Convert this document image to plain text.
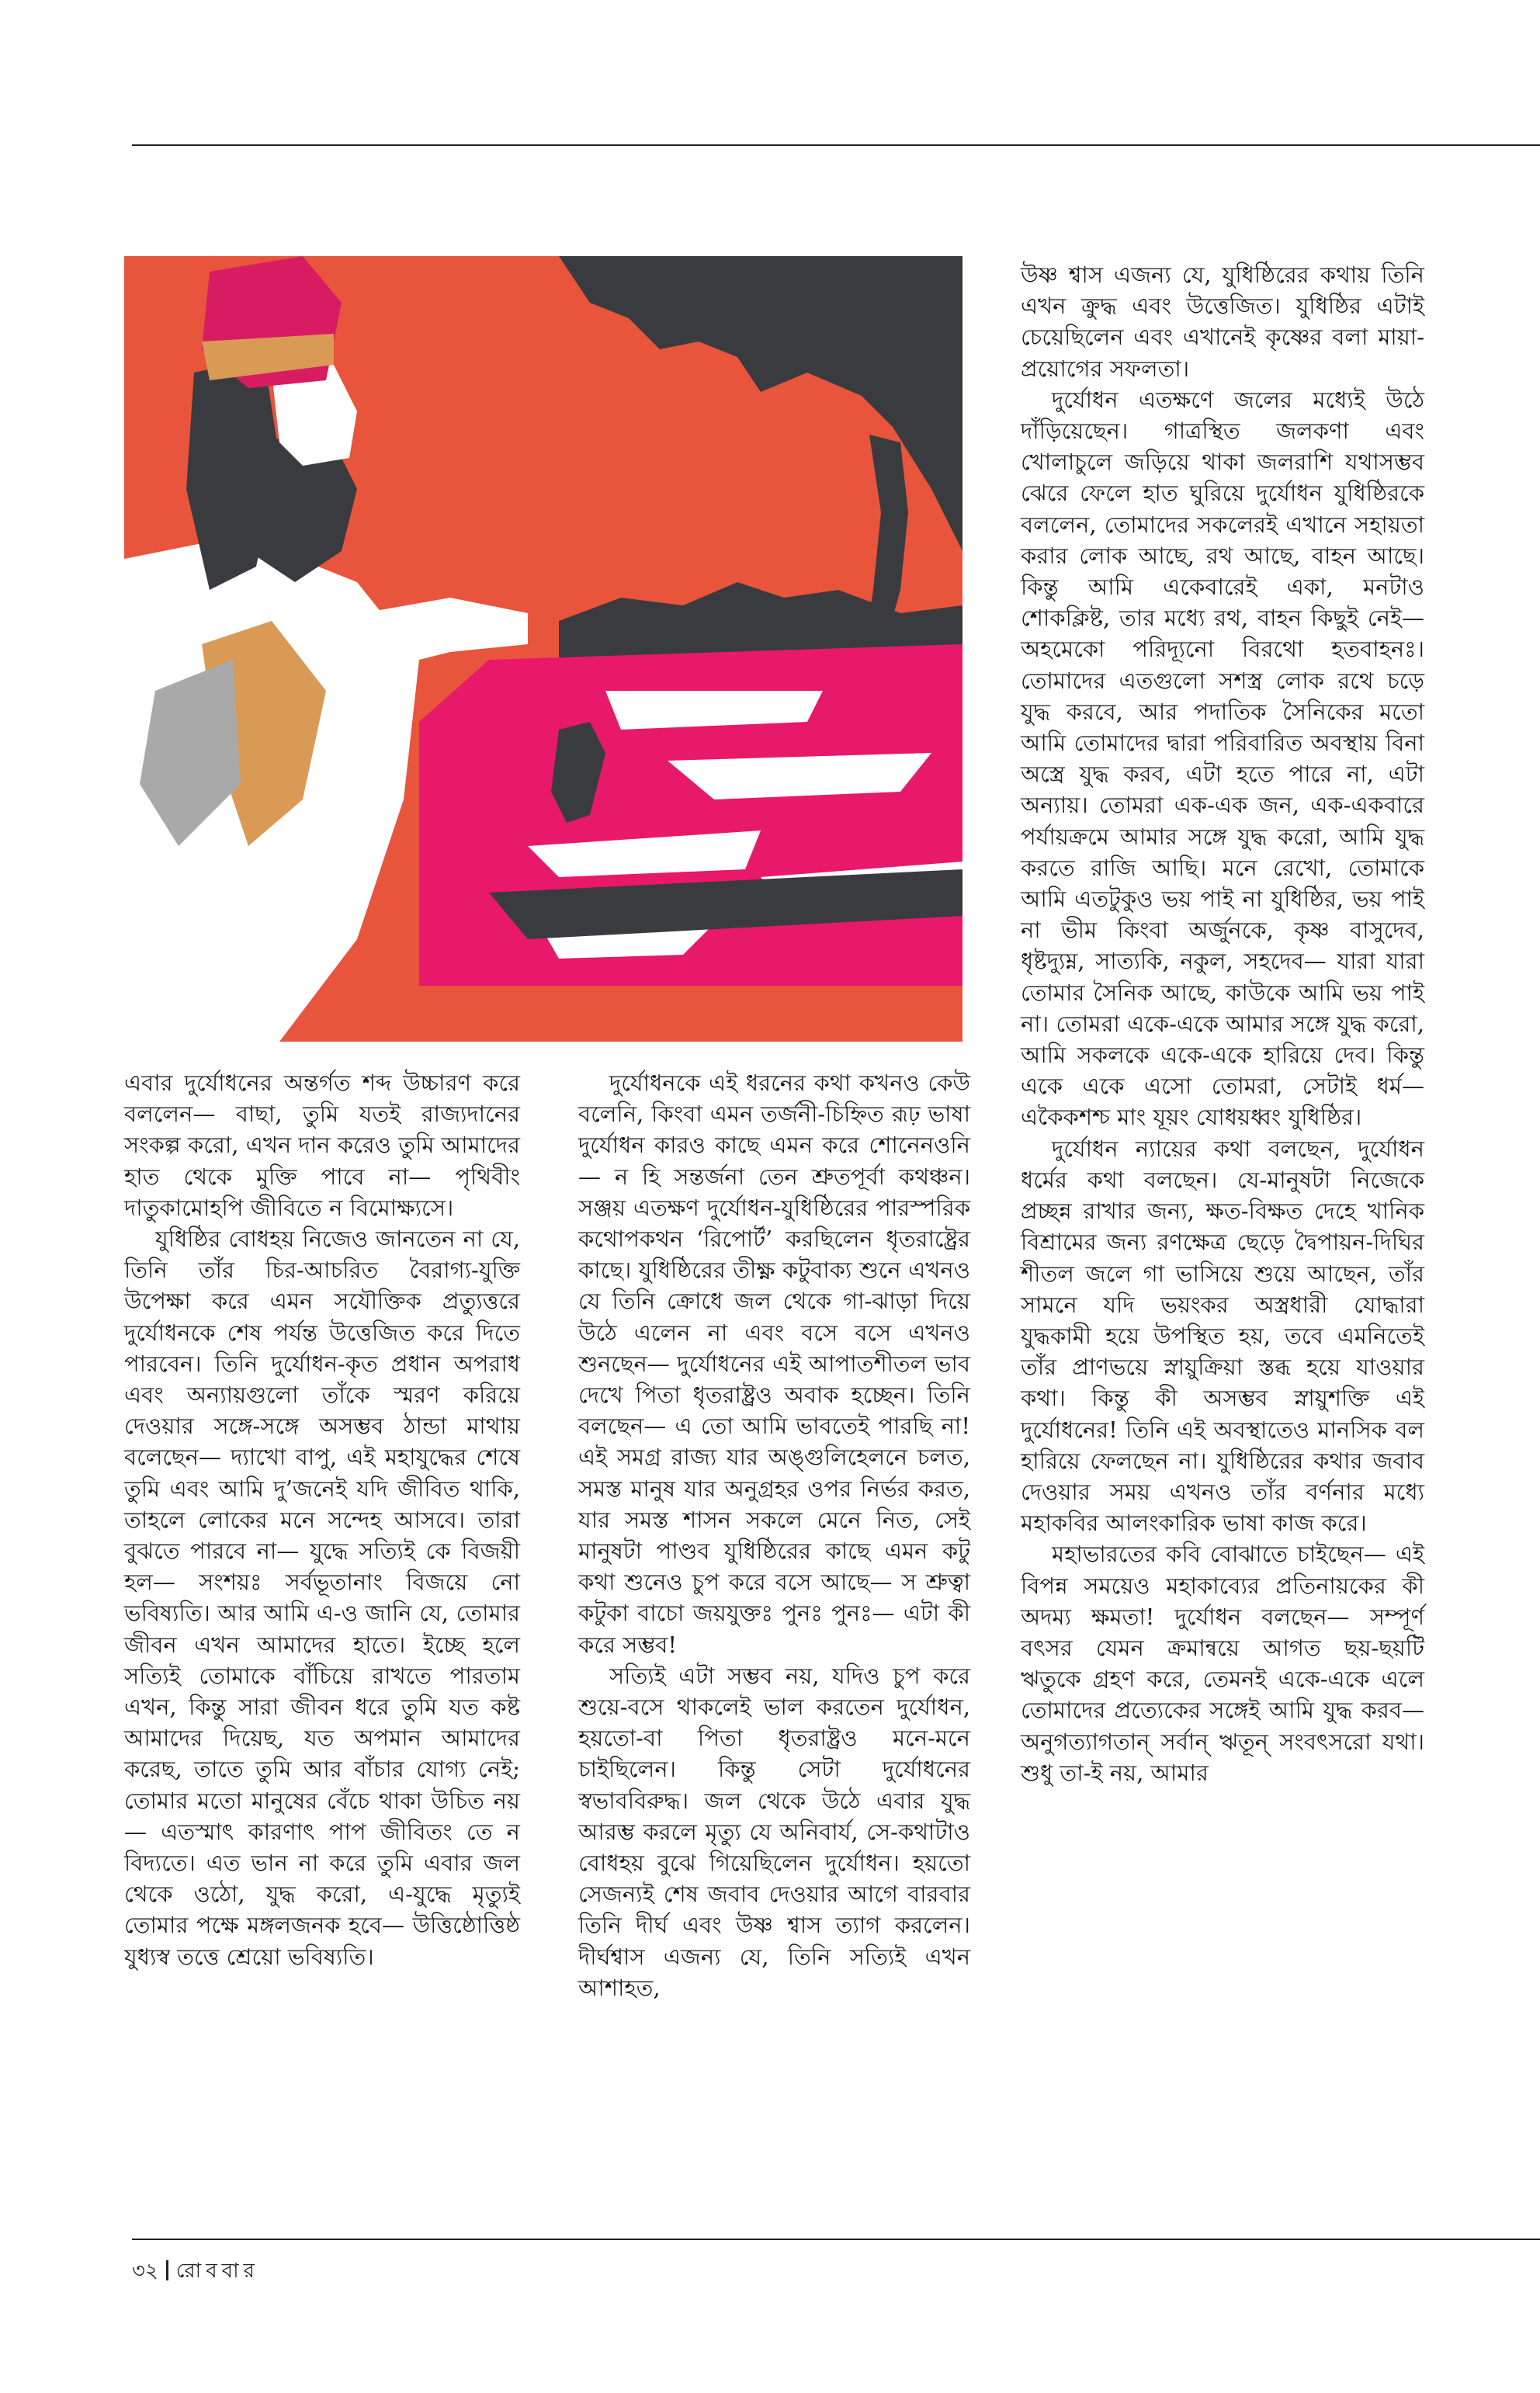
এবার দুর্যোধনের অন্তর্গত শব্দ উচ্চারণ করে বললেন— বাছা, তুমি যতই রাজ্যদানের সংকল্প করো, এখন দান করেও তুমি আমাদের হাত থেকে মুক্তি পাবে না— পৃথিবীং দাতুকামোহপি জীবিতে ন বিমোক্ষ্যসে।

যুধিষ্ঠির বোধহয় নিজেও জানতেন না যে, তিনি তাঁর চির-আচরিত বৈরাগ্য-যুক্তি উপেক্ষা করে এমন সযৌক্তিক প্রত্যুত্তরে দুর্যোধনকে শেষ পর্যন্ত উত্তেজিত করে দিতে পারবেন। তিনি দুর্যোধন-কৃত প্রধান অপরাধ এবং অন্যায়গুলো তাঁকে স্মরণ করিয়ে দেওয়ার সঙ্গে-সঙ্গে অসম্ভব ঠান্ডা মাথায় বলেছেন— দ্যাখো বাপু, এই মহাযুদ্ধের শেষে তুমি এবং আমি দু’জনেই যদি জীবিত থাকি, তাহলে লোকের মনে সন্দেহ আসবে। তারা বুঝতে পারবে না— যুদ্ধে সত্যিই কে বিজয়ী হল— সংশয়ঃ সর্বভূতানাং বিজয়ে নো ভবিষ্যতি। আর আমি এ-ও জানি যে, তোমার জীবন এখন আমাদের হাতে। ইচ্ছে হলে সত্যিই তোমাকে বাঁচিয়ে রাখতে পারতাম এখন, কিন্তু সারা জীবন ধরে তুমি যত কষ্ট আমাদের দিয়েছ, যত অপমান আমাদের করেছ, তাতে তুমি আর বাঁচার যোগ্য নেই; তোমার মতো মানুষের বেঁচে থাকা উচিত নয়— এতস্মাৎ কারণাৎ পাপ জীবিতং তে ন বিদ্যতে। এত ভান না করে তুমি এবার জল থেকে ওঠো, যুদ্ধ করো, এ-যুদ্ধে মৃত্যুই তোমার পক্ষে মঙ্গলজনক হবে— উত্তিষ্ঠোত্তিষ্ঠ যুধ্যস্ব তত্তে শ্রেয়ো ভবিষ্যতি।

দুর্যোধনকে এই ধরনের কথা কখনও কেউ বলেনি, কিংবা এমন তর্জনী-চিহ্নিত রূঢ় ভাষা দুর্যোধন কারও কাছে এমন করে শোনেনওনি— ন হি সন্তর্জনা তেন শ্রুতপূর্বা কথঞ্চন। সঞ্জয় এতক্ষণ দুর্যোধন-যুধিষ্ঠিরের পারস্পরিক কথোপকথন ‘রিপোর্ট’ করছিলেন ধৃতরাষ্ট্রের কাছে। যুধিষ্ঠিরের তীক্ষ্ণ কটুবাক্য শুনে এখনও যে তিনি ক্রোধে জল থেকে গা-ঝাড়া দিয়ে উঠে এলেন না এবং বসে বসে এখনও শুনছেন— দুর্যোধনের এই আপাতশীতল ভাব দেখে পিতা ধৃতরাষ্ট্রও অবাক হচ্ছেন। তিনি বলছেন— এ তো আমি ভাবতেই পারছি না! এই সমগ্র রাজ্য যার অঙ্গুলিহেলনে চলত, সমস্ত মানুষ যার অনুগ্রহর ওপর নির্ভর করত, যার সমস্ত শাসন সকলে মেনে নিত, সেই মানুষটা পাণ্ডব যুধিষ্ঠিরের কাছে এমন কটু কথা শুনেও চুপ করে বসে আছে— স শ্রুত্বা কটুকা বাচো জয়যুক্তঃ পুনঃ পুনঃ— এটা কী করে সম্ভব!

সত্যিই এটা সম্ভব নয়, যদিও চুপ করে শুয়ে-বসে থাকলেই ভাল করতেন দুর্যোধন, হয়তো-বা পিতা ধৃতরাষ্ট্রও মনে-মনে চাইছিলেন। কিন্তু সেটা দুর্যোধনের স্বভাববিরুদ্ধ। জল থেকে উঠে এবার যুদ্ধ আরম্ভ করলে মৃত্যু যে অনিবার্য, সে-কথাটাও বোধহয় বুঝে গিয়েছিলেন দুর্যোধন। হয়তো সেজন্যই শেষ জবাব দেওয়ার আগে বারবার তিনি দীর্ঘ এবং উষ্ণ শ্বাস ত্যাগ করলেন। দীর্ঘশ্বাস এজন্য যে, তিনি সত্যিই এখন আশাহত,

উষ্ণ শ্বাস এজন্য যে, যুধিষ্ঠিরের কথায় তিনি এখন ক্রুদ্ধ এবং উত্তেজিত। যুধিষ্ঠির এটাই চেয়েছিলেন এবং এখানেই কৃষ্ণের বলা মায়া-প্রয়োগের সফলতা।

দুর্যোধন এতক্ষণে জলের মধ্যেই উঠে দাঁড়িয়েছেন। গাত্রস্থিত জলকণা এবং খোলাচুলে জড়িয়ে থাকা জলরাশি যথাসম্ভব ঝেরে ফেলে হাত ঘুরিয়ে দুর্যোধন যুধিষ্ঠিরকে বললেন, তোমাদের সকলেরই এখানে সহায়তা করার লোক আছে, রথ আছে, বাহন আছে। কিন্তু আমি একেবারেই একা, মনটাও শোকক্লিষ্ট, তার মধ্যে রথ, বাহন কিছুই নেই— অহমেকো পরিদ্যূনো বিরথো হতবাহনঃ। তোমাদের এতগুলো সশস্ত্র লোক রথে চড়ে যুদ্ধ করবে, আর পদাতিক সৈনিকের মতো আমি তোমাদের দ্বারা পরিবারিত অবস্থায় বিনা অস্ত্রে যুদ্ধ করব, এটা হতে পারে না, এটা অন্যায়। তোমরা এক-এক জন, এক-একবারে পর্যায়ক্রমে আমার সঙ্গে যুদ্ধ করো, আমি যুদ্ধ করতে রাজি আছি। মনে রেখো, তোমাকে আমি এতটুকুও ভয় পাই না যুধিষ্ঠির, ভয় পাই না ভীম কিংবা অর্জুনকে, কৃষ্ণ বাসুদেব, ধৃষ্টদ্যুম্ন, সাত্যকি, নকুল, সহদেব— যারা যারা তোমার সৈনিক আছে, কাউকে আমি ভয় পাই না। তোমরা একে-একে আমার সঙ্গে যুদ্ধ করো, আমি সকলকে একে-একে হারিয়ে দেব। কিন্তু একে একে এসো তোমরা, সেটাই ধর্ম— একৈকশশ্চ মাং যূয়ং যোধয়ধ্বং যুধিষ্ঠির।

দুর্যোধন ন্যায়ের কথা বলছেন, দুর্যোধন ধর্মের কথা বলছেন। যে-মানুষটা নিজেকে প্রচ্ছন্ন রাখার জন্য, ক্ষত-বিক্ষত দেহে খানিক বিশ্রামের জন্য রণক্ষেত্র ছেড়ে দ্বৈপায়ন-দিঘির শীতল জলে গা ভাসিয়ে শুয়ে আছেন, তাঁর সামনে যদি ভয়ংকর অস্ত্রধারী যোদ্ধারা যুদ্ধকামী হয়ে উপস্থিত হয়, তবে এমনিতেই তাঁর প্রাণভয়ে স্নায়ুক্রিয়া স্তব্ধ হয়ে যাওয়ার কথা। কিন্তু কী অসম্ভব স্নায়ুশক্তি এই দুর্যোধনের! তিনি এই অবস্থাতেও মানসিক বল হারিয়ে ফেলছেন না। যুধিষ্ঠিরের কথার জবাব দেওয়ার সময় এখনও তাঁর বর্ণনার মধ্যে মহাকবির আলংকারিক ভাষা কাজ করে।

মহাভারতের কবি বোঝাতে চাইছেন— এই বিপন্ন সময়েও মহাকাব্যের প্রতিনায়কের কী অদম্য ক্ষমতা! দুর্যোধন বলছেন— সম্পূর্ণ বৎসর যেমন ক্রমান্বয়ে আগত ছয়-ছয়টি ঋতুকে গ্রহণ করে, তেমনই একে-একে এলে তোমাদের প্রত্যেকের সঙ্গেই আমি যুদ্ধ করব— অনুগত্যাগতান্ সর্বান্ ঋতূন্ সংবৎসরো যথা। শুধু তা-ই নয়, আমার

৩২ রোববার
